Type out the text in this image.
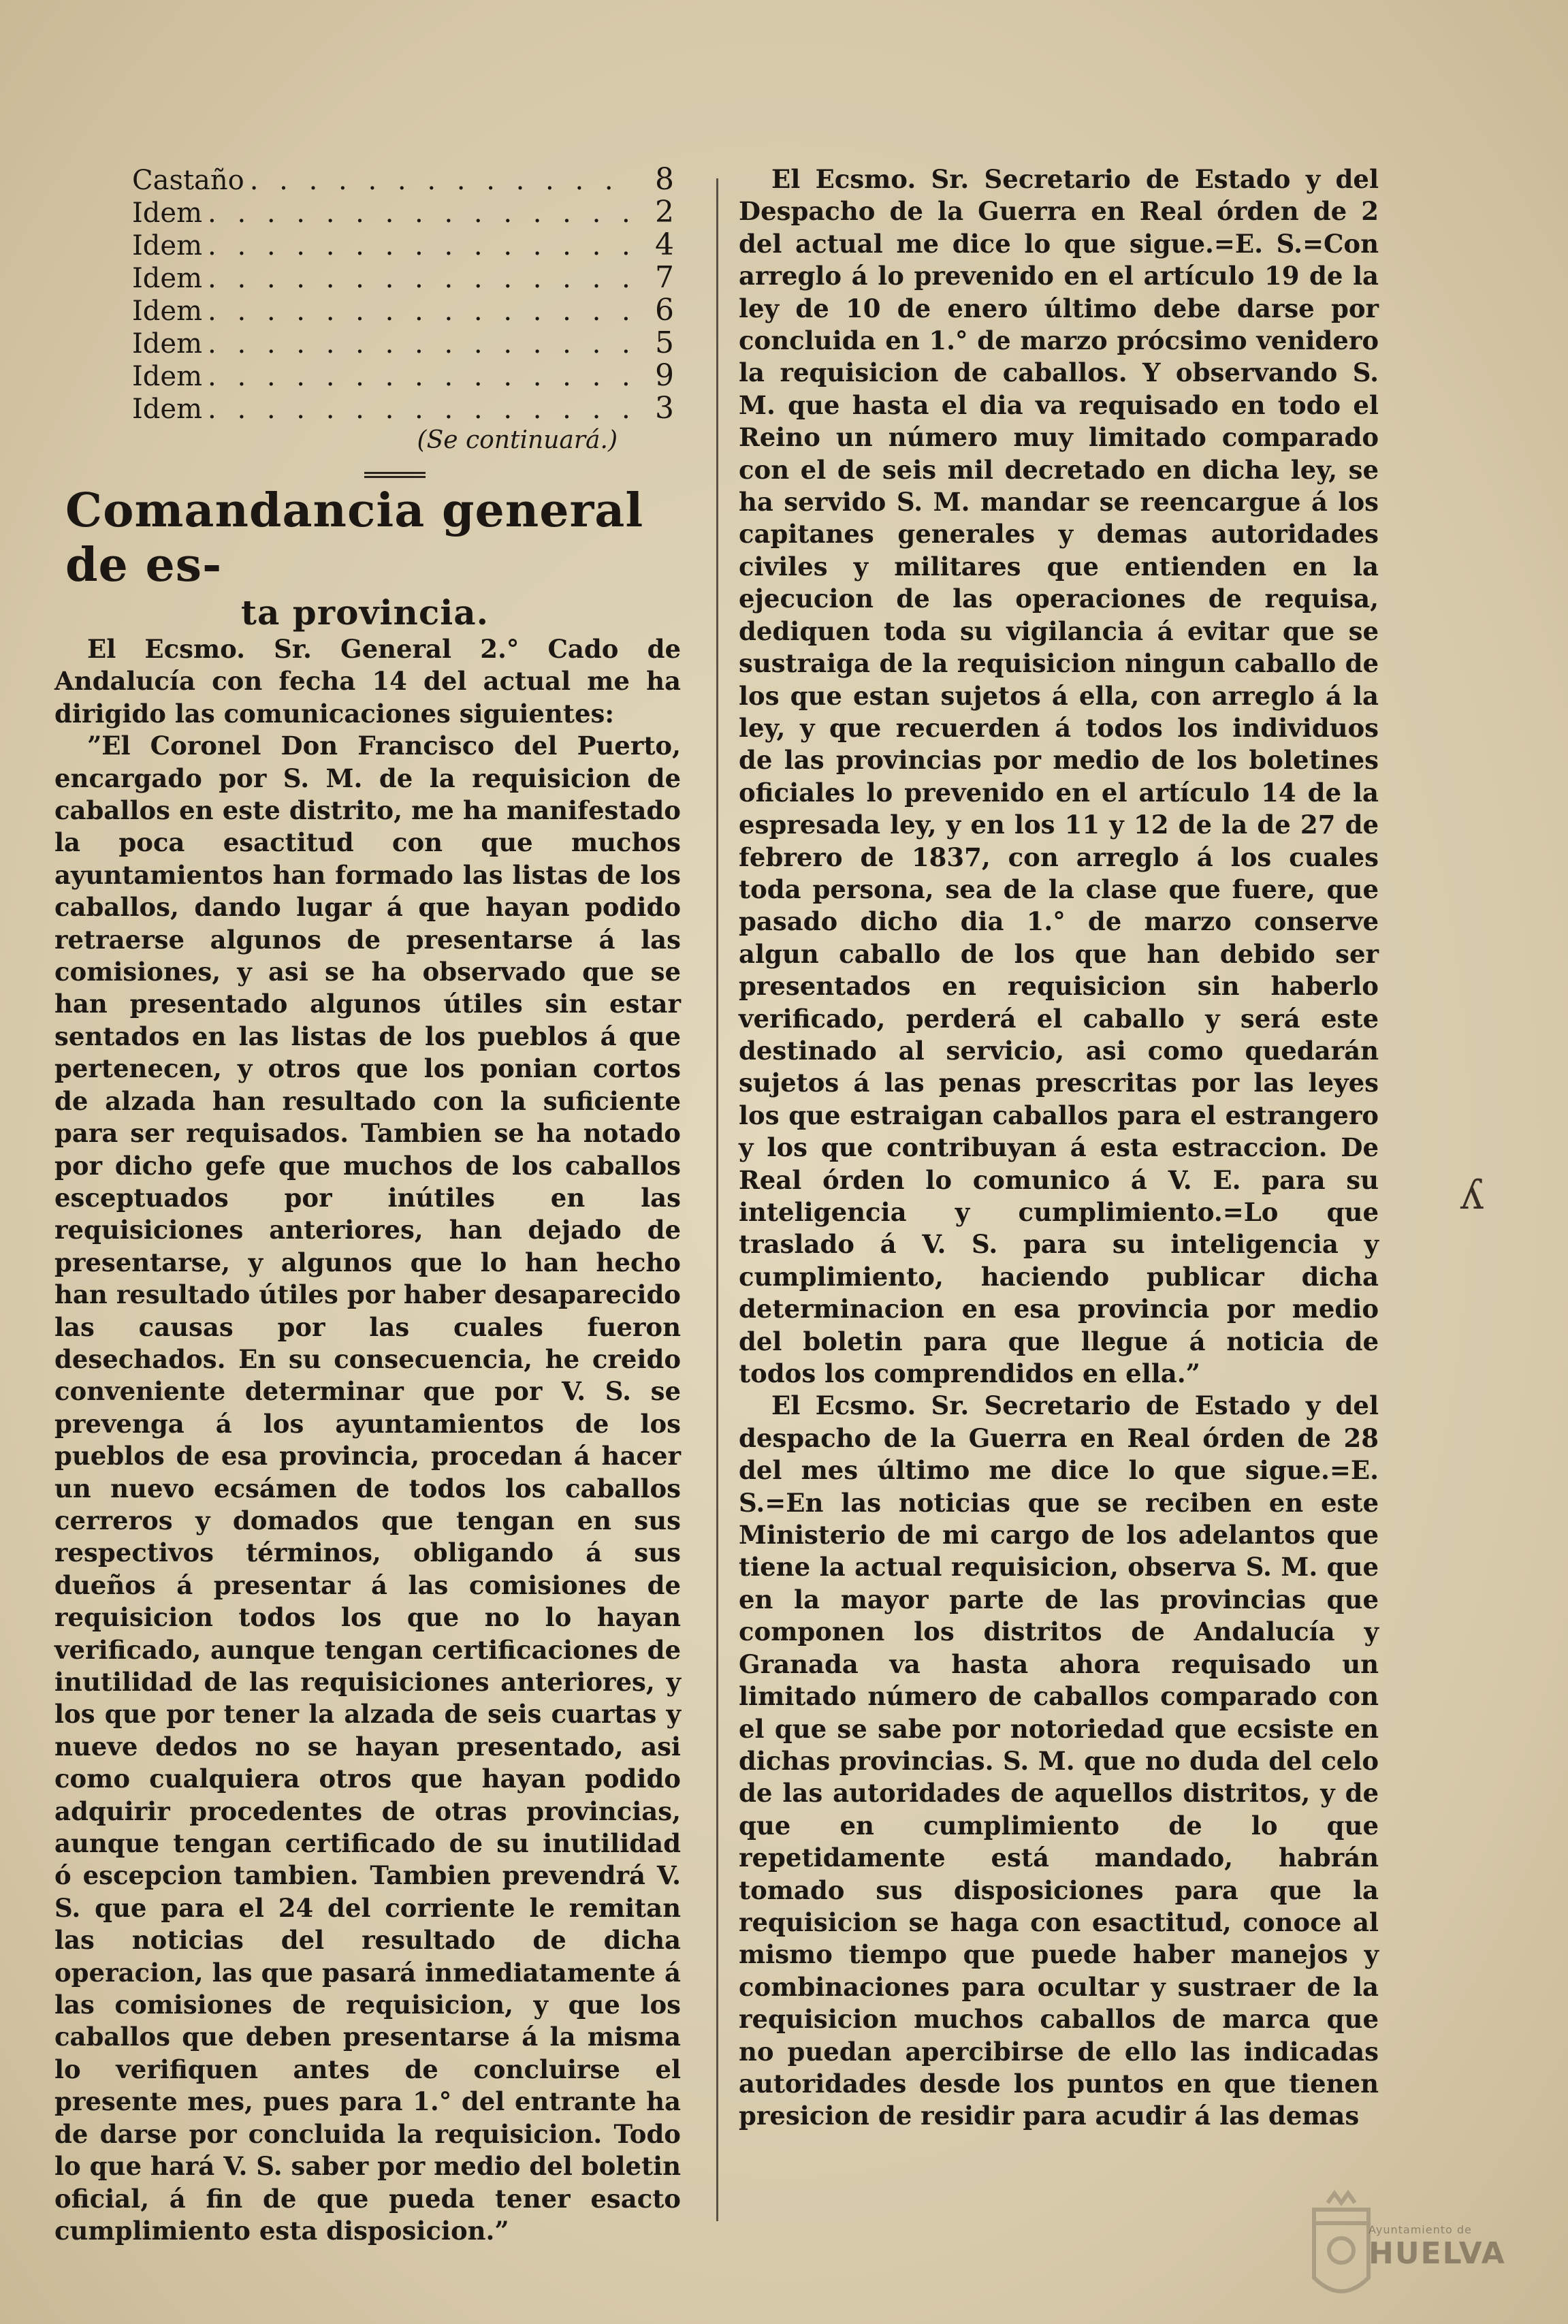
Castaño . . .	8
Idem . . .	2
Idem . . .	4
Idem . . .	7
Idem . . .	6
Idem . . .	5
Idem . . .	9
Idem . . .	3
(Se continuará.)
Comandancia general de es-
ta provincia.

El Ecsmo. Sr. General 2.° Cado de Andalucía con fecha 14 del actual me ha dirigido las comunicaciones siguientes:

”El Coronel Don Francisco del Puerto, encargado por S. M. de la requisicion de caballos en este distrito, me ha manifestado la poca esactitud con que muchos ayuntamientos han formado las listas de los caballos, dando lugar á que hayan podido retraerse algunos de presentarse á las comisiones, y asi se ha observado que se han presentado algunos útiles sin estar sentados en las listas de los pueblos á que pertenecen, y otros que los ponian cortos de alzada han resultado con la suficiente para ser requisados. Tambien se ha notado por dicho gefe que muchos de los caballos esceptuados por inútiles en las requisiciones anteriores, han dejado de presentarse, y algunos que lo han hecho han resultado útiles por haber desaparecido las causas por las cuales fueron desechados. En su consecuencia, he creido conveniente determinar que por V. S. se prevenga á los ayuntamientos de los pueblos de esa provincia, procedan á hacer un nuevo ecsámen de todos los caballos cerreros y domados que tengan en sus respectivos términos, obligando á sus dueños á presentar á las comisiones de requisicion todos los que no lo hayan verificado, aunque tengan certificaciones de inutilidad de las requisiciones anteriores, y los que por tener la alzada de seis cuartas y nueve dedos no se hayan presentado, asi como cualquiera otros que hayan podido adquirir procedentes de otras provincias, aunque tengan certificado de su inutilidad ó escepcion tambien. Tambien prevendrá V. S. que para el 24 del corriente le remitan las noticias del resultado de dicha operacion, las que pasará inmediatamente á las comisiones de requisicion, y que los caballos que deben presentarse á la misma lo verifiquen antes de concluirse el presente mes, pues para 1.° del entrante ha de darse por concluida la requisicion. Todo lo que hará V. S. saber por medio del boletin oficial, á fin de que pueda tener esacto cumplimiento esta disposicion.”

El Ecsmo. Sr. Secretario de Estado y del Despacho de la Guerra en Real órden de 2 del actual me dice lo que sigue.=E. S.=Con arreglo á lo prevenido en el artículo 19 de la ley de 10 de enero último debe darse por concluida en 1.° de marzo prócsimo venidero la requisicion de caballos. Y observando S. M. que hasta el dia va requisado en todo el Reino un número muy limitado comparado con el de seis mil decretado en dicha ley, se ha servido S. M. mandar se reencargue á los capitanes generales y demas autoridades civiles y militares que entienden en la ejecucion de las operaciones de requisa, dediquen toda su vigilancia á evitar que se sustraiga de la requisicion ningun caballo de los que estan sujetos á ella, con arreglo á la ley, y que recuerden á todos los individuos de las provincias por medio de los boletines oficiales lo prevenido en el artículo 14 de la espresada ley, y en los 11 y 12 de la de 27 de febrero de 1837, con arreglo á los cuales toda persona, sea de la clase que fuere, que pasado dicho dia 1.° de marzo conserve algun caballo de los que han debido ser presentados en requisicion sin haberlo verificado, perderá el caballo y será este destinado al servicio, asi como quedarán sujetos á las penas prescritas por las leyes los que estraigan caballos para el estrangero y los que contribuyan á esta estraccion. De Real órden lo comunico á V. E. para su inteligencia y cumplimiento.=Lo que traslado á V. S. para su inteligencia y cumplimiento, haciendo publicar dicha determinacion en esa provincia por medio del boletin para que llegue á noticia de todos los comprendidos en ella.”

El Ecsmo. Sr. Secretario de Estado y del despacho de la Guerra en Real órden de 28 del mes último me dice lo que sigue.=E. S.=En las noticias que se reciben en este Ministerio de mi cargo de los adelantos que tiene la actual requisicion, observa S. M. que en la mayor parte de las provincias que componen los distritos de Andalucía y Granada va hasta ahora requisado un limitado número de caballos comparado con el que se sabe por notoriedad que ecsiste en dichas provincias. S. M. que no duda del celo de las autoridades de aquellos distritos, y de que en cumplimiento de lo que repetidamente está mandado, habrán tomado sus disposiciones para que la requisicion se haga con esactitud, conoce al mismo tiempo que puede haber manejos y combinaciones para ocultar y sustraer de la requisicion muchos caballos de marca que no puedan apercibirse de ello las indicadas autoridades desde los puntos en que tienen presicion de residir para acudir á las demas

ʎ
Ayuntamiento de
HUELVA
